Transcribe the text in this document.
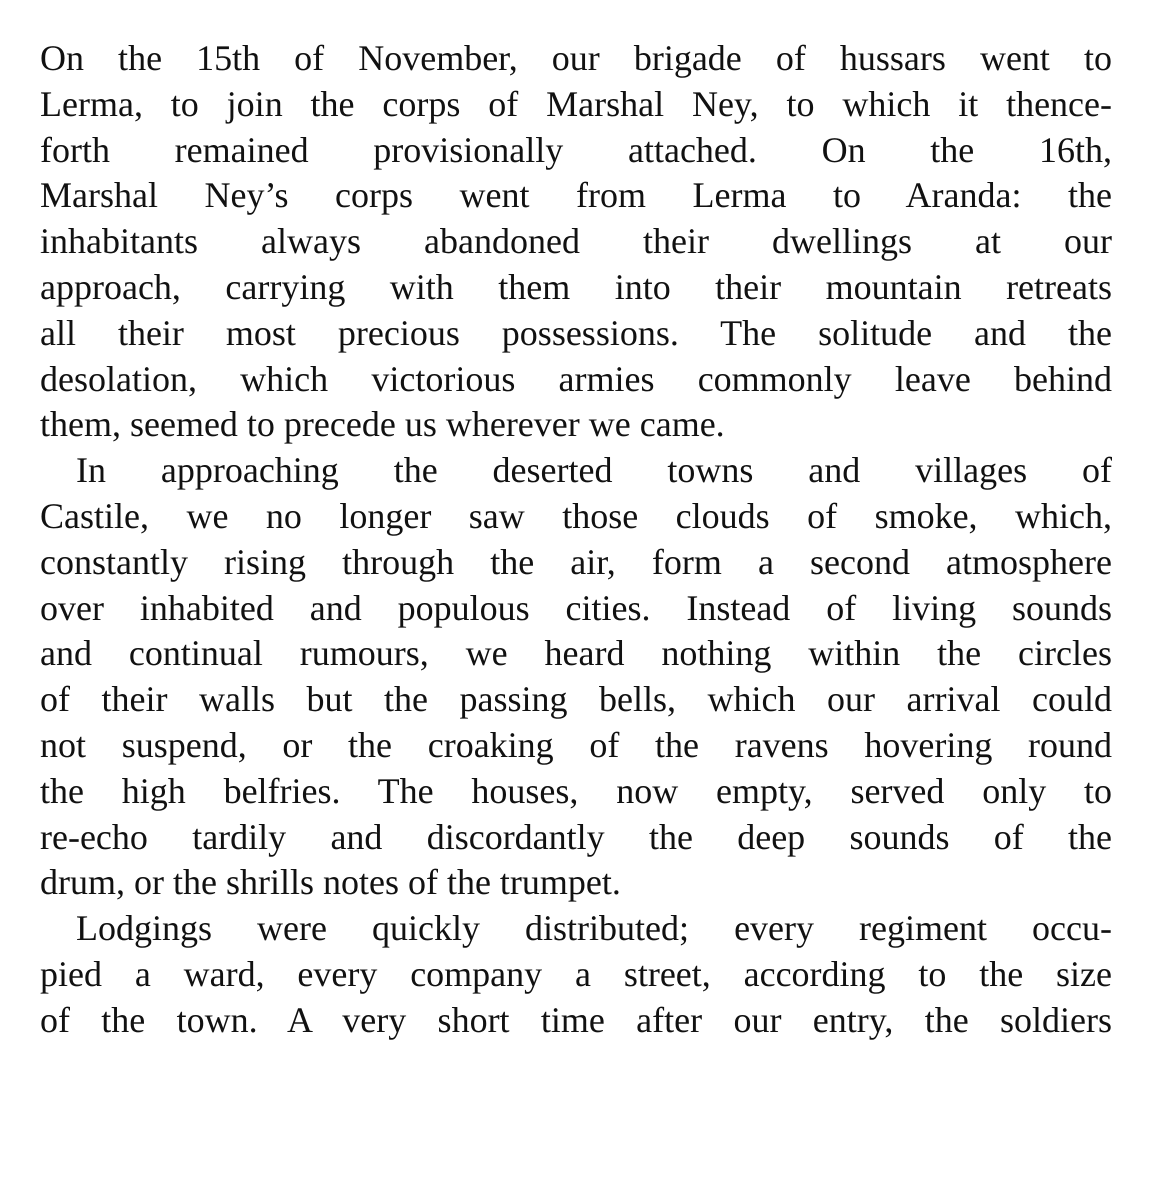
On the 15th of November, our brigade of hussars went to
Lerma, to join the corps of Marshal Ney, to which it thence-
forth remained provisionally attached. On the 16th,
Marshal Ney’s corps went from Lerma to Aranda: the
inhabitants always abandoned their dwellings at our
approach, carrying with them into their mountain retreats
all their most precious possessions. The solitude and the
desolation, which victorious armies commonly leave behind
them, seemed to precede us wherever we came.
In approaching the deserted towns and villages of
Castile, we no longer saw those clouds of smoke, which,
constantly rising through the air, form a second atmosphere
over inhabited and populous cities. Instead of living sounds
and continual rumours, we heard nothing within the circles
of their walls but the passing bells, which our arrival could
not suspend, or the croaking of the ravens hovering round
the high belfries. The houses, now empty, served only to
re-echo tardily and discordantly the deep sounds of the
drum, or the shrills notes of the trumpet.
Lodgings were quickly distributed; every regiment occu-
pied a ward, every company a street, according to the size
of the town. A very short time after our entry, the soldiers
